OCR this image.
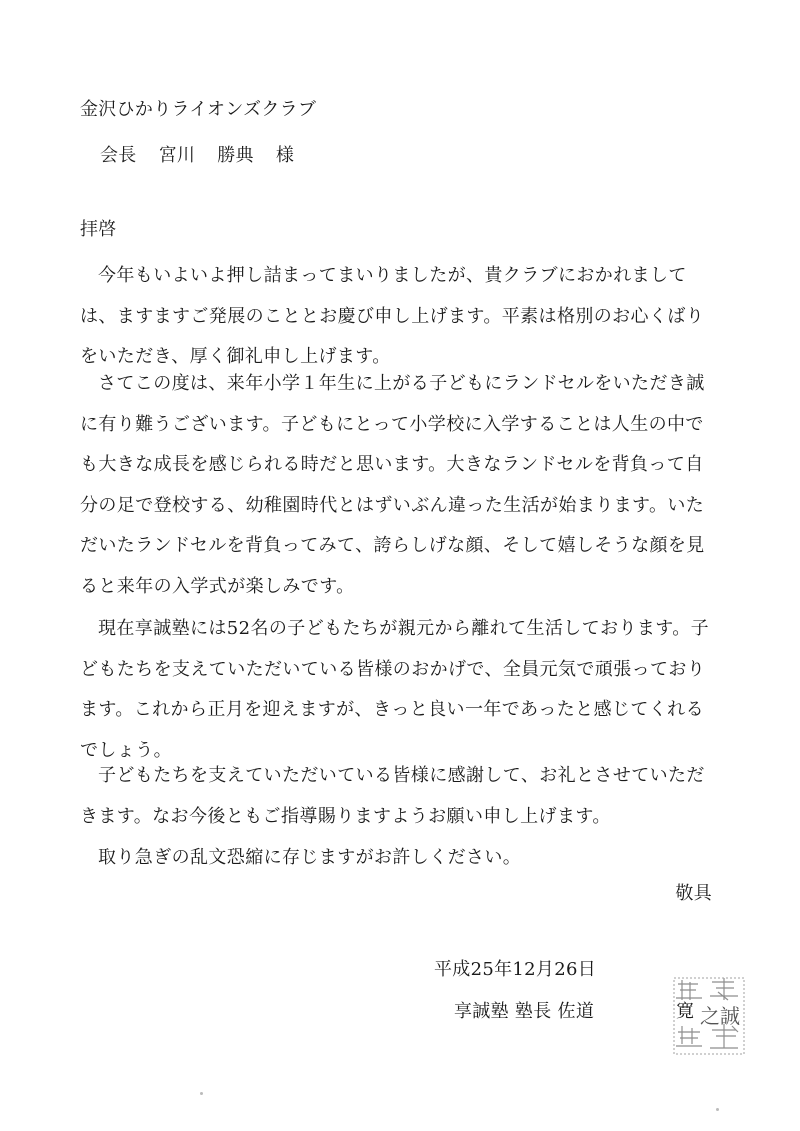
金沢ひかりライオンズクラブ
会長 宮川 勝典 様
拝啓

今年もいよいよ押し詰まってまいりましたが、貴クラブにおかれましては、ますますご発展のこととお慶び申し上げます。平素は格別のお心くばりをいただき、厚く御礼申し上げます。

さてこの度は、来年小学１年生に上がる子どもにランドセルをいただき誠に有り難うございます。子どもにとって小学校に入学することは人生の中でも大きな成長を感じられる時だと思います。大きなランドセルを背負って自分の足で登校する、幼稚園時代とはずいぶん違った生活が始まります。いただいたランドセルを背負ってみて、誇らしげな顔、そして嬉しそうな顔を見ると来年の入学式が楽しみです。

現在享誠塾には52名の子どもたちが親元から離れて生活しております。子どもたちを支えていただいている皆様のおかげで、全員元気で頑張っております。これから正月を迎えますが、きっと良い一年であったと感じてくれるでしょう。

子どもたちを支えていただいている皆様に感謝して、お礼とさせていただきます。なお今後ともご指導賜りますようお願い申し上げます。

取り急ぎの乱文恐縮に存じますがお許しください。

敬具
平成25年12月26日
享誠塾 塾長 佐道	寛 之誠
